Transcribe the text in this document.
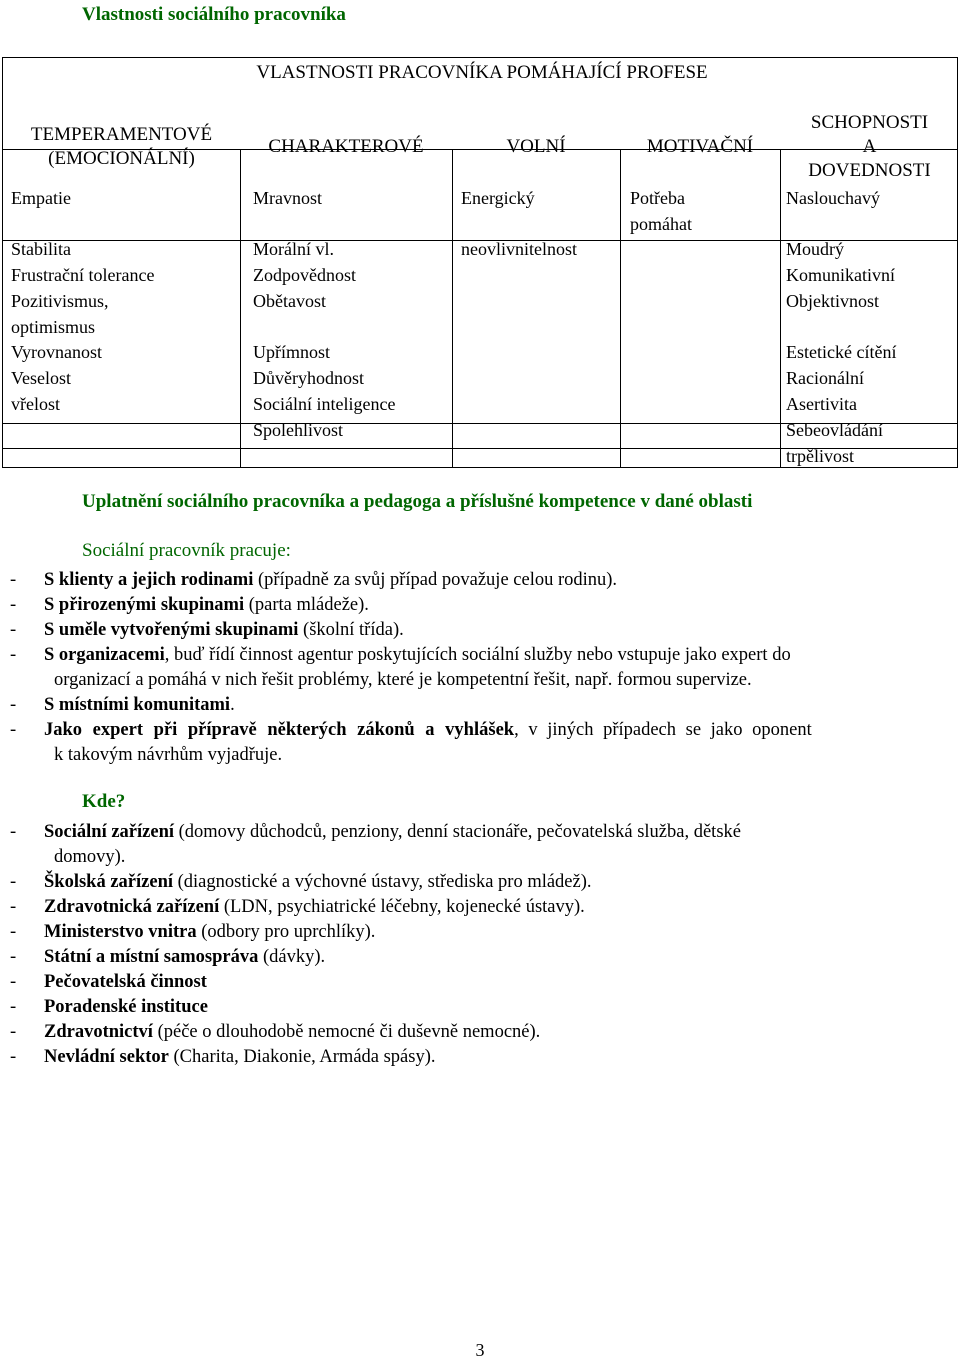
Vlastnosti sociálního pracovníka
VLASTNOSTI PRACOVNÍKA POMÁHAJÍCÍ PROFESE
TEMPERAMENTOVÉ
(EMOCIONÁLNÍ)
CHARAKTEROVÉ	VOLNÍ	MOTIVAČNÍ
SCHOPNOSTI
A
DOVEDNOSTI
Empatie
Stabilita
Frustrační tolerance
Pozitivismus,
optimismus
Vyrovnanost
Veselost
vřelost
Mravnost
Morální vl.
Zodpovědnost
Obětavost
Upřímnost
Důvěryhodnost
Sociální inteligence
Spolehlivost
Energický
neovlivnitelnost
Potřeba
pomáhat
Naslouchavý
Moudrý
Komunikativní
Objektivnost
Estetické cítění
Racionální
Asertivita
Sebeovládání
trpělivost
Uplatnění sociálního pracovníka a pedagoga a příslušné kompetence v dané oblasti
Sociální pracovník pracuje:
- S klienty a jejich rodinami (případně za svůj případ považuje celou rodinu).
- S přirozenými skupinami (parta mládeže).
- S uměle vytvořenými skupinami (školní třída).
- S organizacemi, buď řídí činnost agentur poskytujících sociální služby nebo vstupuje jako expert do
organizací a pomáhá v nich řešit problémy, které je kompetentní řešit, např. formou supervize.
- S místními komunitami.
- Jako expert při přípravě některých zákonů a vyhlášek, v jiných případech se jako oponent
k takovým návrhům vyjadřuje.
Kde?
- Sociální zařízení (domovy důchodců, penziony, denní stacionáře, pečovatelská služba, dětské
domovy).
- Školská zařízení (diagnostické a výchovné ústavy, střediska pro mládež).
- Zdravotnická zařízení (LDN, psychiatrické léčebny, kojenecké ústavy).
- Ministerstvo vnitra (odbory pro uprchlíky).
- Státní a místní samospráva (dávky).
- Pečovatelská činnost
- Poradenské instituce
- Zdravotnictví (péče o dlouhodobě nemocné či duševně nemocné).
- Nevládní sektor (Charita, Diakonie, Armáda spásy).
3
